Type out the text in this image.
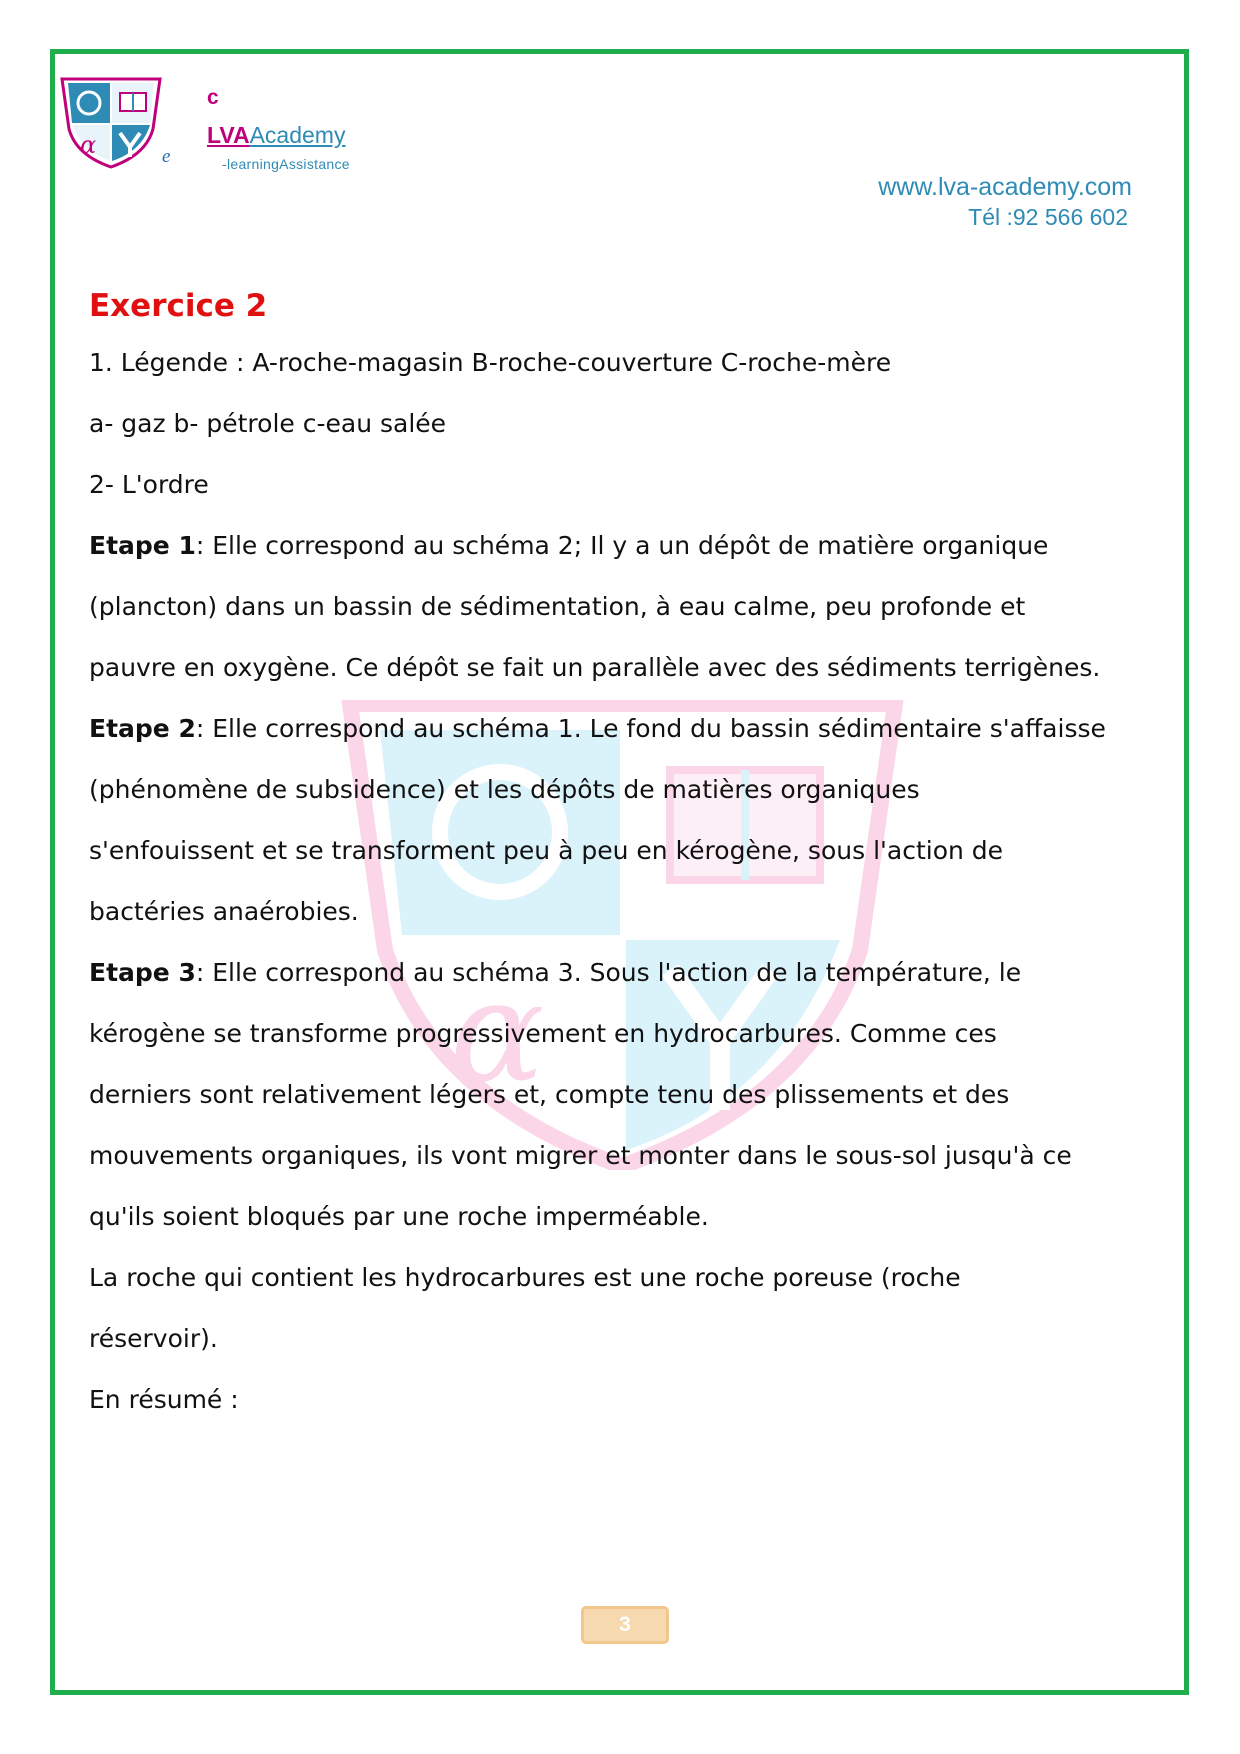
α	e
c
LVAAcademy
-learningAssistance
www.lva-academy.com
Tél :92 566 602
α

Exercice 2

1. Légende : A-roche-magasin B-roche-couverture C-roche-mère

a- gaz b- pétrole c-eau salée

2- L'ordre

Etape 1: Elle correspond au schéma 2; Il y a un dépôt de matière organique

(plancton) dans un bassin de sédimentation, à eau calme, peu profonde et

pauvre en oxygène. Ce dépôt se fait un parallèle avec des sédiments terrigènes.

Etape 2: Elle correspond au schéma 1. Le fond du bassin sédimentaire s'affaisse

(phénomène de subsidence) et les dépôts de matières organiques

s'enfouissent et se transforment peu à peu en kérogène, sous l'action de

bactéries anaérobies.

Etape 3: Elle correspond au schéma 3. Sous l'action de la température, le

kérogène se transforme progressivement en hydrocarbures. Comme ces

derniers sont relativement légers et, compte tenu des plissements et des

mouvements organiques, ils vont migrer et monter dans le sous-sol jusqu'à ce

qu'ils soient bloqués par une roche imperméable.

La roche qui contient les hydrocarbures est une roche poreuse (roche

réservoir).

En résumé :

3
